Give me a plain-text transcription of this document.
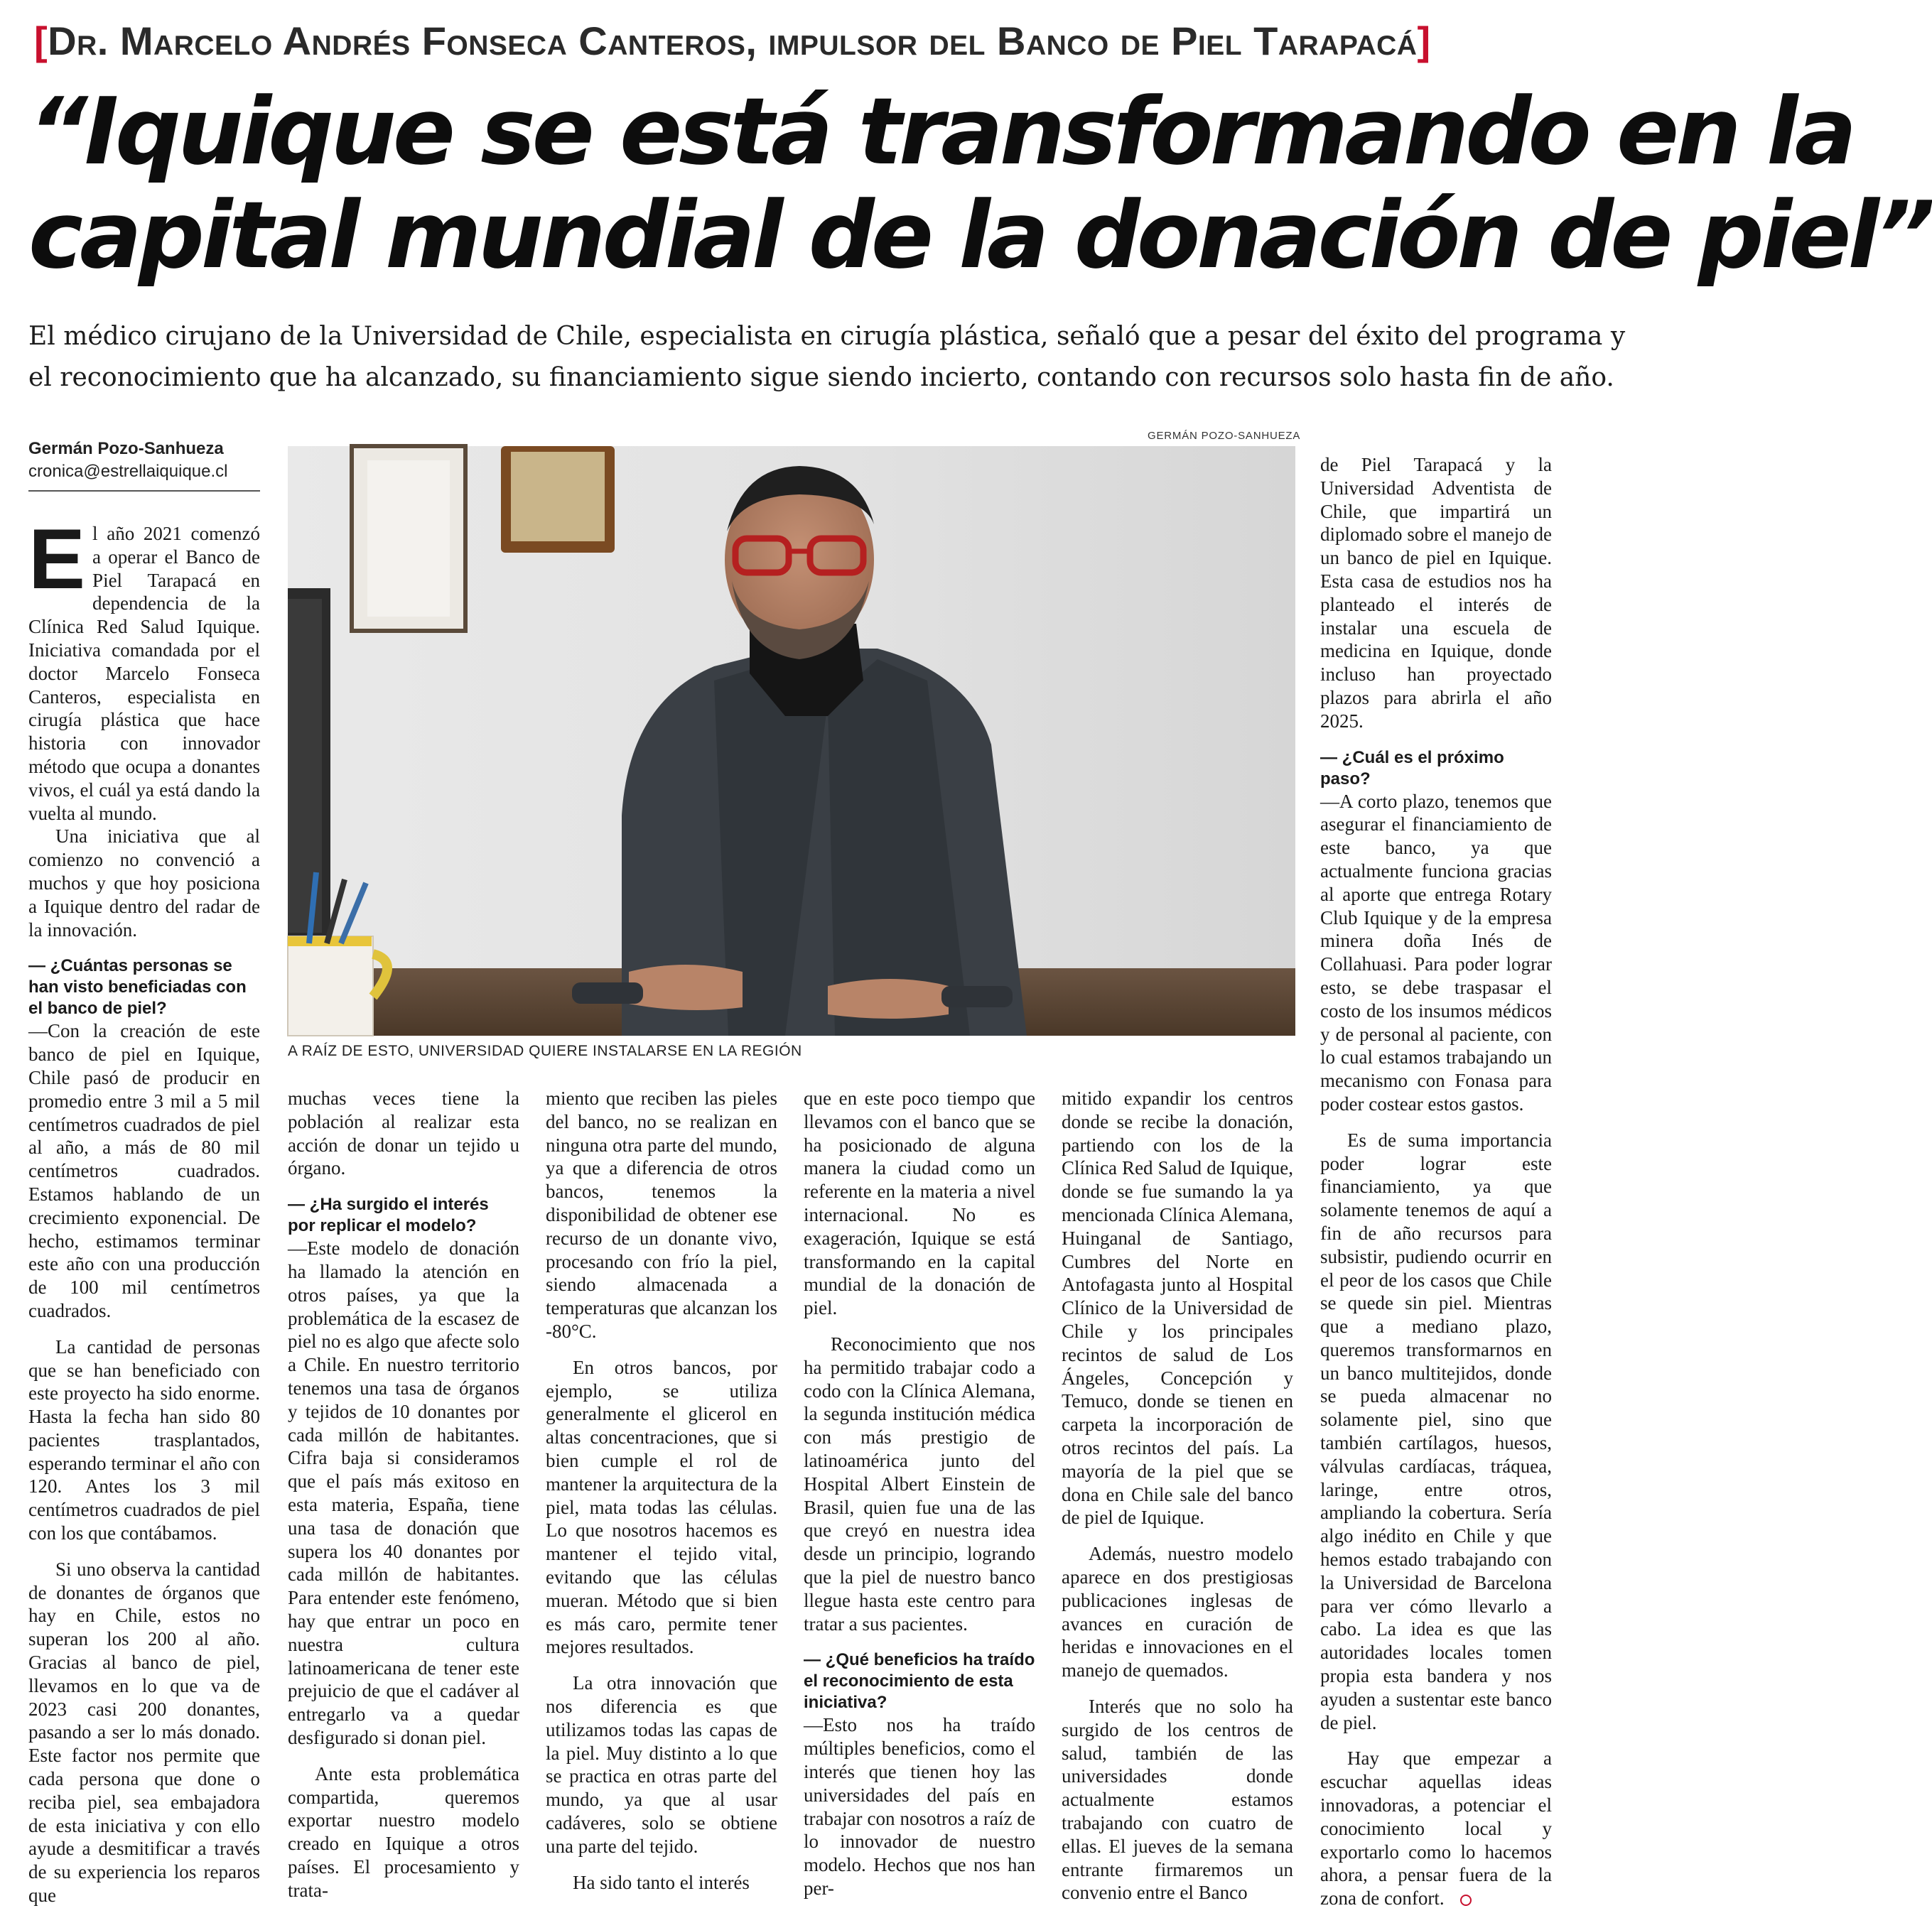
[Dr. Marcelo Andrés Fonseca Canteros, impulsor del Banco de Piel Tarapacá]
“Iquique se está transformando en la
capital mundial de la donación de piel”
El médico cirujano de la Universidad de Chile, especialista en cirugía plástica, señaló que a pesar del éxito del programa y
el reconocimiento que ha alcanzado, su financiamiento sigue siendo incierto, contando con recursos solo hasta fin de año.
Germán Pozo-Sanhueza
cronica@estrellaiquique.cl
GERMÁN POZO-SANHUEZA
A RAÍZ DE ESTO, UNIVERSIDAD QUIERE INSTALARSE EN LA REGIÓN

El año 2021 comenzó a operar el Banco de Piel Tarapacá en dependencia de la Clínica Red Salud Iquique. Iniciativa comandada por el doctor Marcelo Fonseca Canteros, especialista en cirugía plástica que hace historia con innovador método que ocupa a donantes vivos, el cuál ya está dando la vuelta al mundo.

Una iniciativa que al comienzo no convenció a muchos y que hoy posiciona a Iquique dentro del radar de la innovación.

— ¿Cuántas personas se han visto beneficiadas con el banco de piel?

—Con la creación de este banco de piel en Iquique, Chile pasó de producir en promedio entre 3 mil a 5 mil centímetros cuadrados de piel al año, a más de 80 mil centímetros cuadrados. Estamos hablando de un crecimiento exponencial. De hecho, estimamos terminar este año con una producción de 100 mil centímetros cuadrados.

La cantidad de personas que se han beneficiado con este proyecto ha sido enorme. Hasta la fecha han sido 80 pacientes trasplantados, esperando terminar el año con 120. Antes los 3 mil centímetros cuadrados de piel con los que contábamos.

Si uno observa la cantidad de donantes de órganos que hay en Chile, estos no superan los 200 al año. Gracias al banco de piel, llevamos en lo que va de 2023 casi 200 donantes, pasando a ser lo más donado. Este factor nos permite que cada persona que done o reciba piel, sea embajadora de esta iniciativa y con ello ayude a desmitificar a través de su experiencia los reparos que

muchas veces tiene la población al realizar esta acción de donar un tejido u órgano.

— ¿Ha surgido el interés por replicar el modelo?

—Este modelo de donación ha llamado la atención en otros países, ya que la problemática de la escasez de piel no es algo que afecte solo a Chile. En nuestro territorio tenemos una tasa de órganos y tejidos de 10 donantes por cada millón de habitantes. Cifra baja si consideramos que el país más exitoso en esta materia, España, tiene una tasa de donación que supera los 40 donantes por cada millón de habitantes. Para entender este fenómeno, hay que entrar un poco en nuestra cultura latinoamericana de tener este prejuicio de que el cadáver al entregarlo va a quedar desfigurado si donan piel.

Ante esta problemática compartida, queremos exportar nuestro modelo creado en Iquique a otros países. El procesamiento y trata-

miento que reciben las pieles del banco, no se realizan en ninguna otra parte del mundo, ya que a diferencia de otros bancos, tenemos la disponibilidad de obtener ese recurso de un donante vivo, procesando con frío la piel, siendo almacenada a temperaturas que alcanzan los -80°C.

En otros bancos, por ejemplo, se utiliza generalmente el glicerol en altas concentraciones, que si bien cumple el rol de mantener la arquitectura de la piel, mata todas las células. Lo que nosotros hacemos es mantener el tejido vital, evitando que las células mueran. Método que si bien es más caro, permite tener mejores resultados.

La otra innovación que nos diferencia es que utilizamos todas las capas de la piel. Muy distinto a lo que se practica en otras parte del mundo, ya que al usar cadáveres, solo se obtiene una parte del tejido.

Ha sido tanto el interés

que en este poco tiempo que llevamos con el banco que se ha posicionado de alguna manera la ciudad como un referente en la materia a nivel internacional. No es exageración, Iquique se está transformando en la capital mundial de la donación de piel.

Reconocimiento que nos ha permitido trabajar codo a codo con la Clínica Alemana, la segunda institución médica con más prestigio de latinoamérica junto del Hospital Albert Einstein de Brasil, quien fue una de las que creyó en nuestra idea desde un principio, logrando que la piel de nuestro banco llegue hasta este centro para tratar a sus pacientes.

— ¿Qué beneficios ha traído el reconocimiento de esta iniciativa?

—Esto nos ha traído múltiples beneficios, como el interés que tienen hoy las universidades del país en trabajar con nosotros a raíz de lo innovador de nuestro modelo. Hechos que nos han per-

mitido expandir los centros donde se recibe la donación, partiendo con los de la Clínica Red Salud de Iquique, donde se fue sumando la ya mencionada Clínica Alemana, Huinganal de Santiago, Cumbres del Norte en Antofagasta junto al Hospital Clínico de la Universidad de Chile y los principales recintos de salud de Los Ángeles, Concepción y Temuco, donde se tienen en carpeta la incorporación de otros recintos del país. La mayoría de la piel que se dona en Chile sale del banco de piel de Iquique.

Además, nuestro modelo aparece en dos prestigiosas publicaciones inglesas de avances en curación de heridas e innovaciones en el manejo de quemados.

Interés que no solo ha surgido de los centros de salud, también de las universidades donde actualmente estamos trabajando con cuatro de ellas. El jueves de la semana entrante firmaremos un convenio entre el Banco

de Piel Tarapacá y la Universidad Adventista de Chile, que impartirá un diplomado sobre el manejo de un banco de piel en Iquique. Esta casa de estudios nos ha planteado el interés de instalar una escuela de medicina en Iquique, donde incluso han proyectado plazos para abrirla el año 2025.

— ¿Cuál es el próximo paso?

—A corto plazo, tenemos que asegurar el financiamiento de este banco, ya que actualmente funciona gracias al aporte que entrega Rotary Club Iquique y de la empresa minera doña Inés de Collahuasi. Para poder lograr esto, se debe traspasar el costo de los insumos médicos y de personal al paciente, con lo cual estamos trabajando un mecanismo con Fonasa para poder costear estos gastos.

Es de suma importancia poder lograr este financiamiento, ya que solamente tenemos de aquí a fin de año recursos para subsistir, pudiendo ocurrir en el peor de los casos que Chile se quede sin piel. Mientras que a mediano plazo, queremos transformarnos en un banco multitejidos, donde se pueda almacenar no solamente piel, sino que también cartílagos, huesos, válvulas cardíacas, tráquea, laringe, entre otros, ampliando la cobertura. Sería algo inédito en Chile y que hemos estado trabajando con la Universidad de Barcelona para ver cómo llevarlo a cabo. La idea es que las autoridades locales tomen propia esta bandera y nos ayuden a sustentar este banco de piel.

Hay que empezar a escuchar aquellas ideas innovadoras, a potenciar el conocimiento local y exportarlo como lo hacemos ahora, a pensar fuera de la zona de confort.
